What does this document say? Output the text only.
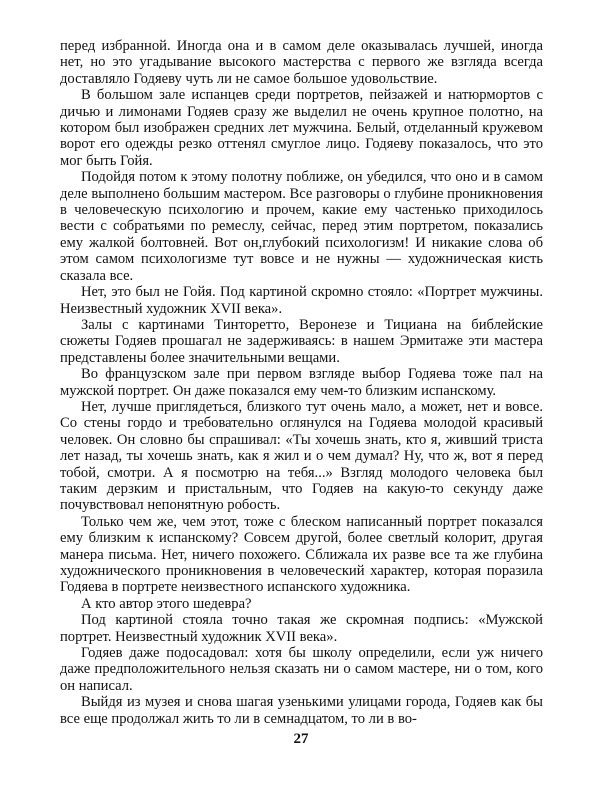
перед избранной. Иногда она и в самом деле оказывалась лучшей, иногда нет, но это угадывание высокого мастерства с первого же взгляда всегда доставляло Годяеву чуть ли не самое большое удовольствие.

В большом зале испанцев среди портретов, пейзажей и натюрмортов с дичью и лимонами Годяев сразу же выделил не очень крупное полотно, на котором был изображен средних лет мужчина. Белый, отделанный кружевом ворот его одежды резко оттенял смуглое лицо. Годяеву показалось, что это мог быть Гойя.

Подойдя потом к этому полотну поближе, он убедился, что оно и в самом деле выполнено большим мастером. Все разговоры о глубине проникновения в человеческую психологию и прочем, какие ему частенько приходилось вести с собратьями по ремеслу, сейчас, перед этим портретом, показались ему жалкой болтовней. Вот он,глубокий психологизм! И никакие слова об этом самом психологизме тут вовсе и не нужны — художническая кисть сказала все.

Нет, это был не Гойя. Под картиной скромно стояло: «Портрет мужчины. Неизвестный художник XVII века».

Залы с картинами Тинторетто, Веронезе и Тициана на библейские сюжеты Годяев прошагал не задерживаясь: в нашем Эрмитаже эти мастера представлены более значительными вещами.

Во французском зале при первом взгляде выбор Годяева тоже пал на мужской портрет. Он даже показался ему чем-то близким испанскому.

Нет, лучше приглядеться, близкого тут очень мало, а может, нет и вовсе. Со стены гордо и требовательно оглянулся на Годяева молодой красивый человек. Он словно бы спрашивал: «Ты хочешь знать, кто я, живший триста лет назад, ты хочешь знать, как я жил и о чем думал? Ну, что ж, вот я перед тобой, смотри. А я посмотрю на тебя...» Взгляд молодого человека был таким дерзким и пристальным, что Годяев на какую-то секунду даже почувствовал непонятную робость.

Только чем же, чем этот, тоже с блеском написанный портрет показался ему близким к испанскому? Совсем другой, более светлый колорит, другая манера письма. Нет, ничего похожего. Сближала их разве все та же глубина художнического проникновения в человеческий характер, которая поразила Годяева в портрете неизвестного испанского художника.

А кто автор этого шедевра?

Под картиной стояла точно такая же скромная подпись: «Мужской портрет. Неизвестный художник XVII века».

Годяев даже подосадовал: хотя бы школу определили, если уж ничего даже предположительного нельзя сказать ни о самом мастере, ни о том, кого он написал.

Выйдя из музея и снова шагая узенькими улицами города, Годяев как бы все еще продолжал жить то ли в семнадцатом, то ли в во-

27
